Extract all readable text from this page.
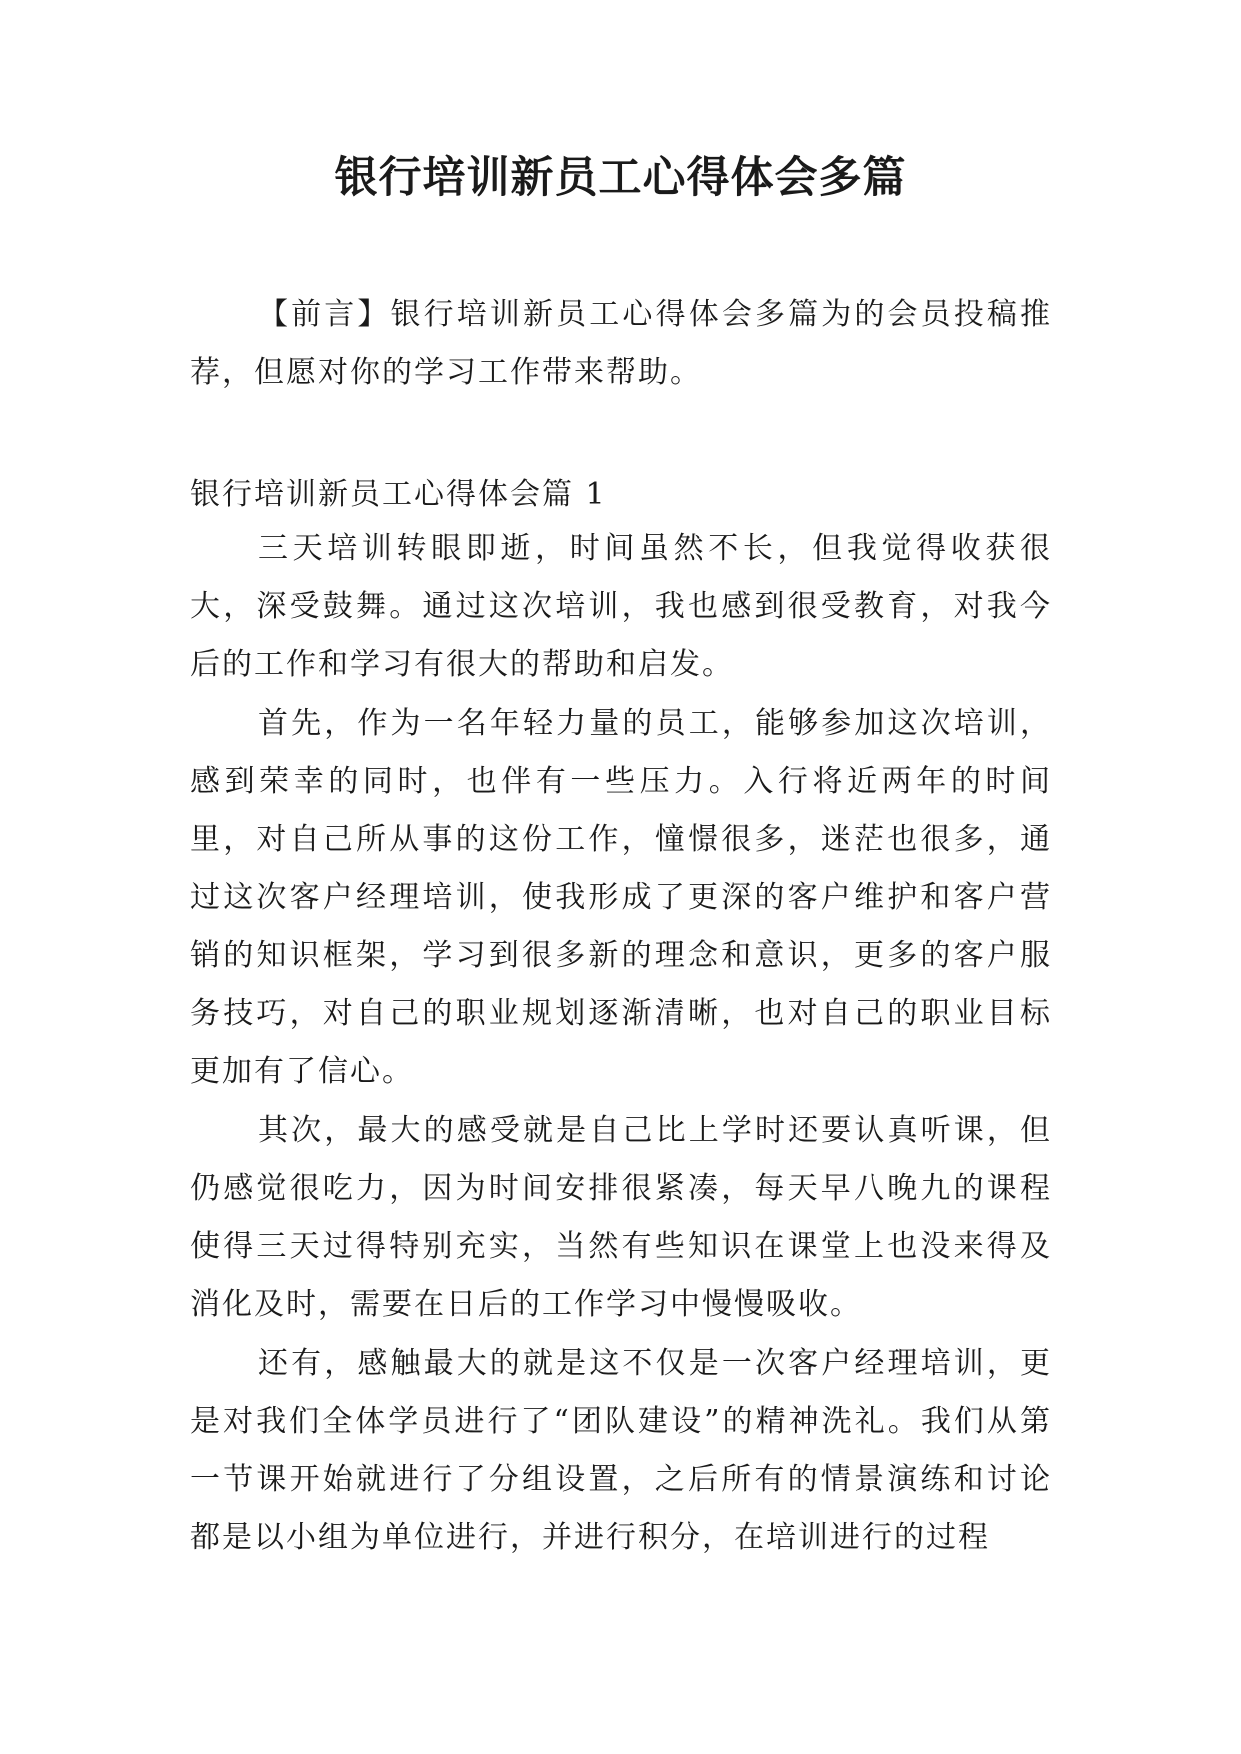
银行培训新员工心得体会多篇

【前言】银行培训新员工心得体会多篇为的会员投稿推荐，但愿对你的学习工作带来帮助。

银行培训新员工心得体会篇 1

三天培训转眼即逝，时间虽然不长，但我觉得收获很大，深受鼓舞。通过这次培训，我也感到很受教育，对我今后的工作和学习有很大的帮助和启发。

首先，作为一名年轻力量的员工，能够参加这次培训，感到荣幸的同时，也伴有一些压力。入行将近两年的时间里，对自己所从事的这份工作，憧憬很多，迷茫也很多，通过这次客户经理培训，使我形成了更深的客户维护和客户营销的知识框架，学习到很多新的理念和意识，更多的客户服务技巧，对自己的职业规划逐渐清晰，也对自己的职业目标更加有了信心。

其次，最大的感受就是自己比上学时还要认真听课，但仍感觉很吃力，因为时间安排很紧凑，每天早八晚九的课程使得三天过得特别充实，当然有些知识在课堂上也没来得及消化及时，需要在日后的工作学习中慢慢吸收。

还有，感触最大的就是这不仅是一次客户经理培训，更是对我们全体学员进行了“团队建设”的精神洗礼。我们从第一节课开始就进行了分组设置，之后所有的情景演练和讨论都是以小组为单位进行，并进行积分，在培训进行的过程
